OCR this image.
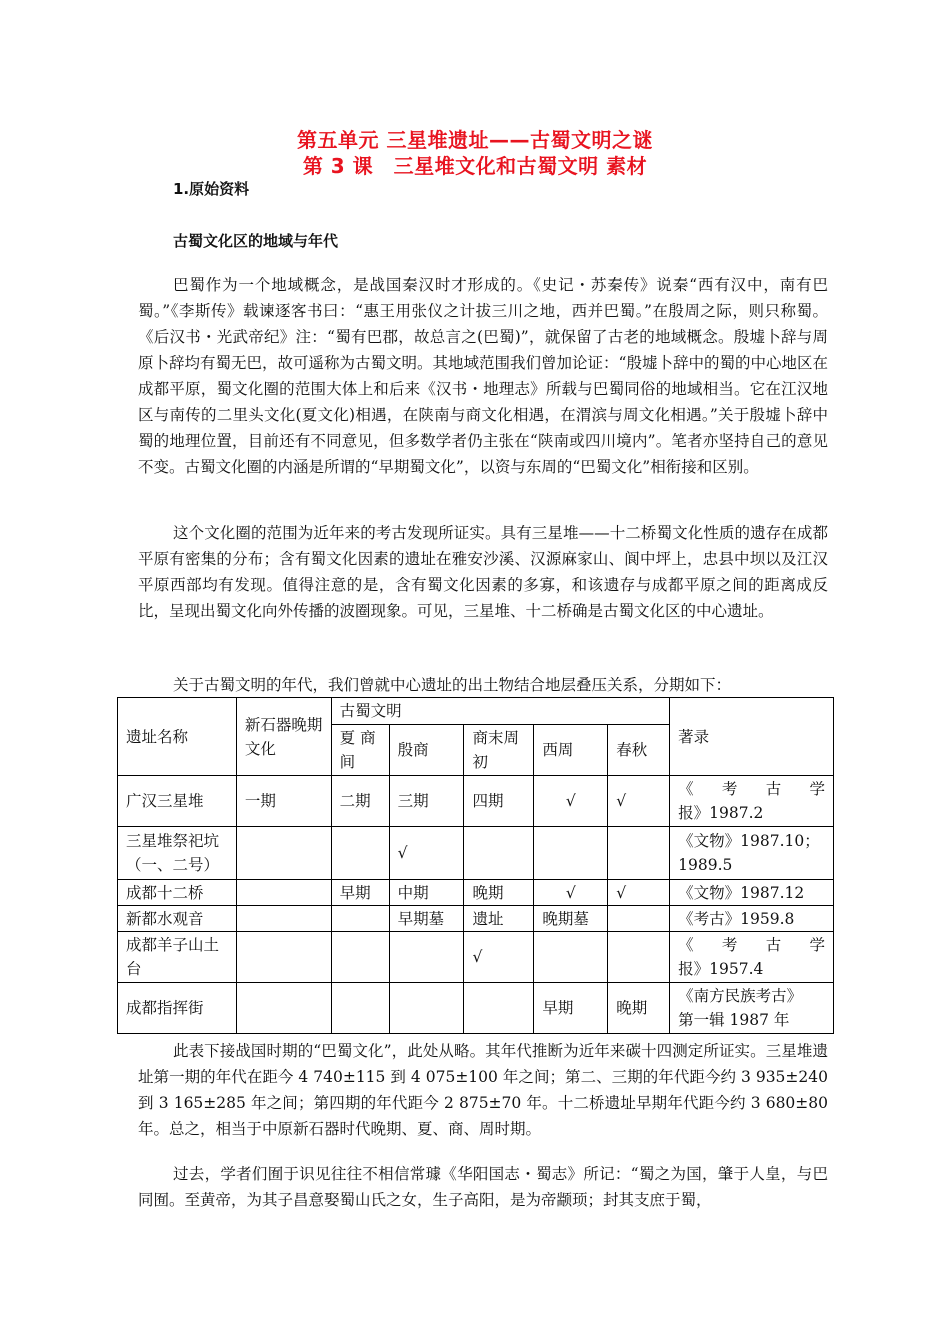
第五单元 三星堆遗址——古蜀文明之谜
第 3 课　三星堆文化和古蜀文明 素材
1.原始资料
古蜀文化区的地域与年代

巴蜀作为一个地域概念，是战国秦汉时才形成的。《史记・苏秦传》说秦“西有汉中，南有巴蜀。”《李斯传》载谏逐客书曰：“惠王用张仪之计拔三川之地，西并巴蜀。”在殷周之际，则只称蜀。《后汉书・光武帝纪》注：“蜀有巴郡，故总言之(巴蜀)”，就保留了古老的地域概念。殷墟卜辞与周原卜辞均有蜀无巴，故可遥称为古蜀文明。其地域范围我们曾加论证：“殷墟卜辞中的蜀的中心地区在成都平原，蜀文化圈的范围大体上和后来《汉书・地理志》所载与巴蜀同俗的地域相当。它在江汉地区与南传的二里头文化(夏文化)相遇，在陕南与商文化相遇，在渭滨与周文化相遇。”关于殷墟卜辞中蜀的地理位置，目前还有不同意见，但多数学者仍主张在“陕南或四川境内”。笔者亦坚持自己的意见不变。古蜀文化圈的内涵是所谓的“早期蜀文化”，以资与东周的“巴蜀文化”相衔接和区别。

这个文化圈的范围为近年来的考古发现所证实。具有三星堆——十二桥蜀文化性质的遗存在成都平原有密集的分布；含有蜀文化因素的遗址在雅安沙溪、汉源麻家山、阆中坪上，忠县中坝以及江汉平原西部均有发现。值得注意的是，含有蜀文化因素的多寡，和该遗存与成都平原之间的距离成反比，呈现出蜀文化向外传播的波圈现象。可见，三星堆、十二桥确是古蜀文化区的中心遗址。

关于古蜀文明的年代，我们曾就中心遗址的出土物结合地层叠压关系，分期如下：

遗址名称	新石器晚期文化	古蜀文明					著录
		夏 商间	殷商	商末周初	西周	春秋	
广汉三星堆	一期	二期	三期	四期	√	√	《考古学
报》1987.2

三星堆祭祀坑（一、二号）			√				《文物》1987.10；
1989.5

成都十二桥		早期	中期	晚期	√	√	《文物》1987.12

新都水观音			早期墓	遗址	晚期墓		《考古》1959.8

成都羊子山土台				√			《考古学
报》1957.4

成都指挥街					早期	晚期	《南方民族考古》
第一辑 1987 年

此表下接战国时期的“巴蜀文化”，此处从略。其年代推断为近年来碳十四测定所证实。三星堆遗址第一期的年代在距今 4 740±115 到 4 075±100 年之间；第二、三期的年代距今约 3 935±240 到 3 165±285 年之间；第四期的年代距今 2 875±70 年。十二桥遗址早期年代距今约 3 680±80 年。总之，相当于中原新石器时代晚期、夏、商、周时期。

过去，学者们囿于识见往往不相信常璩《华阳国志・蜀志》所记：“蜀之为国，肇于人皇，与巴同囿。至黄帝，为其子昌意娶蜀山氏之女，生子高阳，是为帝颛顼；封其支庶于蜀，
